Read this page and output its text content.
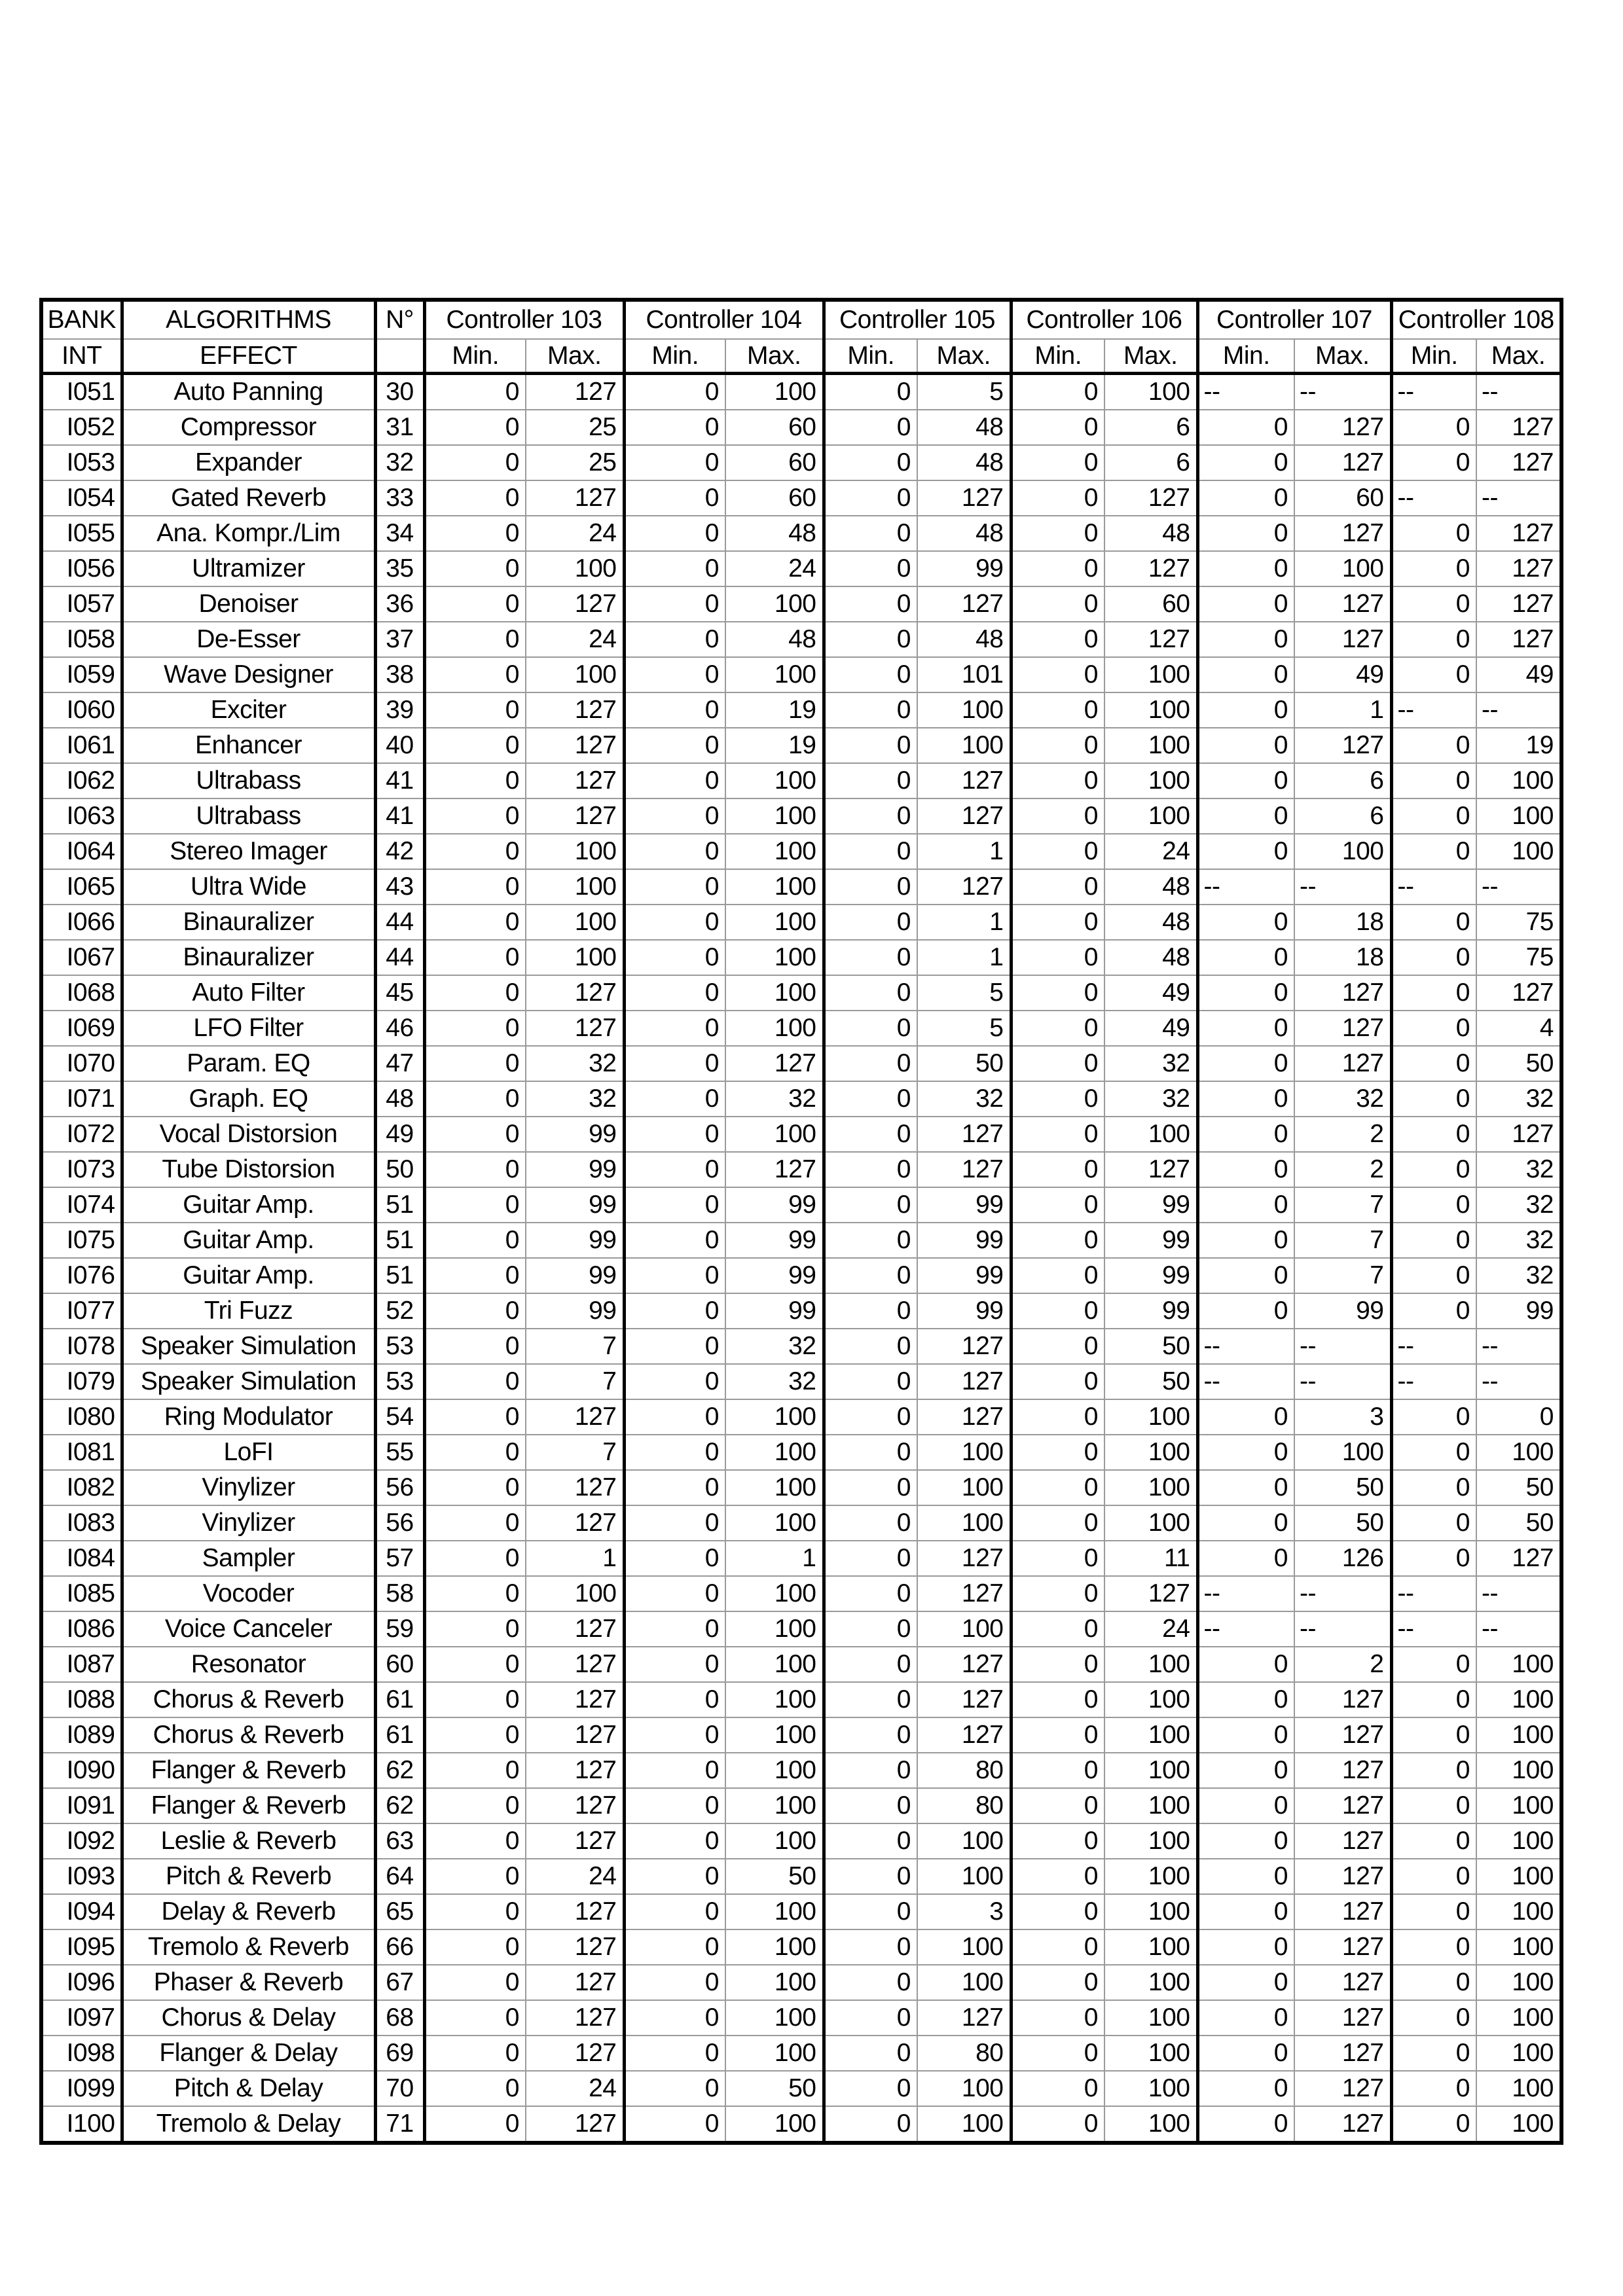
BANK	ALGORITHMS	N°	Controller 103		Controller 104		Controller 105		Controller 106		Controller 107		Controller 108	
INT	EFFECT		Min.	Max.	Min.	Max.	Min.	Max.	Min.	Max.	Min.	Max.	Min.	Max.
I051	Auto Panning	30	0	127	0	100	0	5	0	100	--	--	--	--
I052	Compressor	31	0	25	0	60	0	48	0	6	0	127	0	127
I053	Expander	32	0	25	0	60	0	48	0	6	0	127	0	127
I054	Gated Reverb	33	0	127	0	60	0	127	0	127	0	60	--	--
I055	Ana. Kompr./Lim	34	0	24	0	48	0	48	0	48	0	127	0	127
I056	Ultramizer	35	0	100	0	24	0	99	0	127	0	100	0	127
I057	Denoiser	36	0	127	0	100	0	127	0	60	0	127	0	127
I058	De-Esser	37	0	24	0	48	0	48	0	127	0	127	0	127
I059	Wave Designer	38	0	100	0	100	0	101	0	100	0	49	0	49
I060	Exciter	39	0	127	0	19	0	100	0	100	0	1	--	--
I061	Enhancer	40	0	127	0	19	0	100	0	100	0	127	0	19
I062	Ultrabass	41	0	127	0	100	0	127	0	100	0	6	0	100
I063	Ultrabass	41	0	127	0	100	0	127	0	100	0	6	0	100
I064	Stereo Imager	42	0	100	0	100	0	1	0	24	0	100	0	100
I065	Ultra Wide	43	0	100	0	100	0	127	0	48	--	--	--	--
I066	Binauralizer	44	0	100	0	100	0	1	0	48	0	18	0	75
I067	Binauralizer	44	0	100	0	100	0	1	0	48	0	18	0	75
I068	Auto Filter	45	0	127	0	100	0	5	0	49	0	127	0	127
I069	LFO Filter	46	0	127	0	100	0	5	0	49	0	127	0	4
I070	Param. EQ	47	0	32	0	127	0	50	0	32	0	127	0	50
I071	Graph. EQ	48	0	32	0	32	0	32	0	32	0	32	0	32
I072	Vocal Distorsion	49	0	99	0	100	0	127	0	100	0	2	0	127
I073	Tube Distorsion	50	0	99	0	127	0	127	0	127	0	2	0	32
I074	Guitar Amp.	51	0	99	0	99	0	99	0	99	0	7	0	32
I075	Guitar Amp.	51	0	99	0	99	0	99	0	99	0	7	0	32
I076	Guitar Amp.	51	0	99	0	99	0	99	0	99	0	7	0	32
I077	Tri Fuzz	52	0	99	0	99	0	99	0	99	0	99	0	99
I078	Speaker Simulation	53	0	7	0	32	0	127	0	50	--	--	--	--
I079	Speaker Simulation	53	0	7	0	32	0	127	0	50	--	--	--	--
I080	Ring Modulator	54	0	127	0	100	0	127	0	100	0	3	0	0
I081	LoFI	55	0	7	0	100	0	100	0	100	0	100	0	100
I082	Vinylizer	56	0	127	0	100	0	100	0	100	0	50	0	50
I083	Vinylizer	56	0	127	0	100	0	100	0	100	0	50	0	50
I084	Sampler	57	0	1	0	1	0	127	0	11	0	126	0	127
I085	Vocoder	58	0	100	0	100	0	127	0	127	--	--	--	--
I086	Voice Canceler	59	0	127	0	100	0	100	0	24	--	--	--	--
I087	Resonator	60	0	127	0	100	0	127	0	100	0	2	0	100
I088	Chorus & Reverb	61	0	127	0	100	0	127	0	100	0	127	0	100
I089	Chorus & Reverb	61	0	127	0	100	0	127	0	100	0	127	0	100
I090	Flanger & Reverb	62	0	127	0	100	0	80	0	100	0	127	0	100
I091	Flanger & Reverb	62	0	127	0	100	0	80	0	100	0	127	0	100
I092	Leslie & Reverb	63	0	127	0	100	0	100	0	100	0	127	0	100
I093	Pitch & Reverb	64	0	24	0	50	0	100	0	100	0	127	0	100
I094	Delay & Reverb	65	0	127	0	100	0	3	0	100	0	127	0	100
I095	Tremolo & Reverb	66	0	127	0	100	0	100	0	100	0	127	0	100
I096	Phaser & Reverb	67	0	127	0	100	0	100	0	100	0	127	0	100
I097	Chorus & Delay	68	0	127	0	100	0	127	0	100	0	127	0	100
I098	Flanger & Delay	69	0	127	0	100	0	80	0	100	0	127	0	100
I099	Pitch & Delay	70	0	24	0	50	0	100	0	100	0	127	0	100
I100	Tremolo & Delay	71	0	127	0	100	0	100	0	100	0	127	0	100
